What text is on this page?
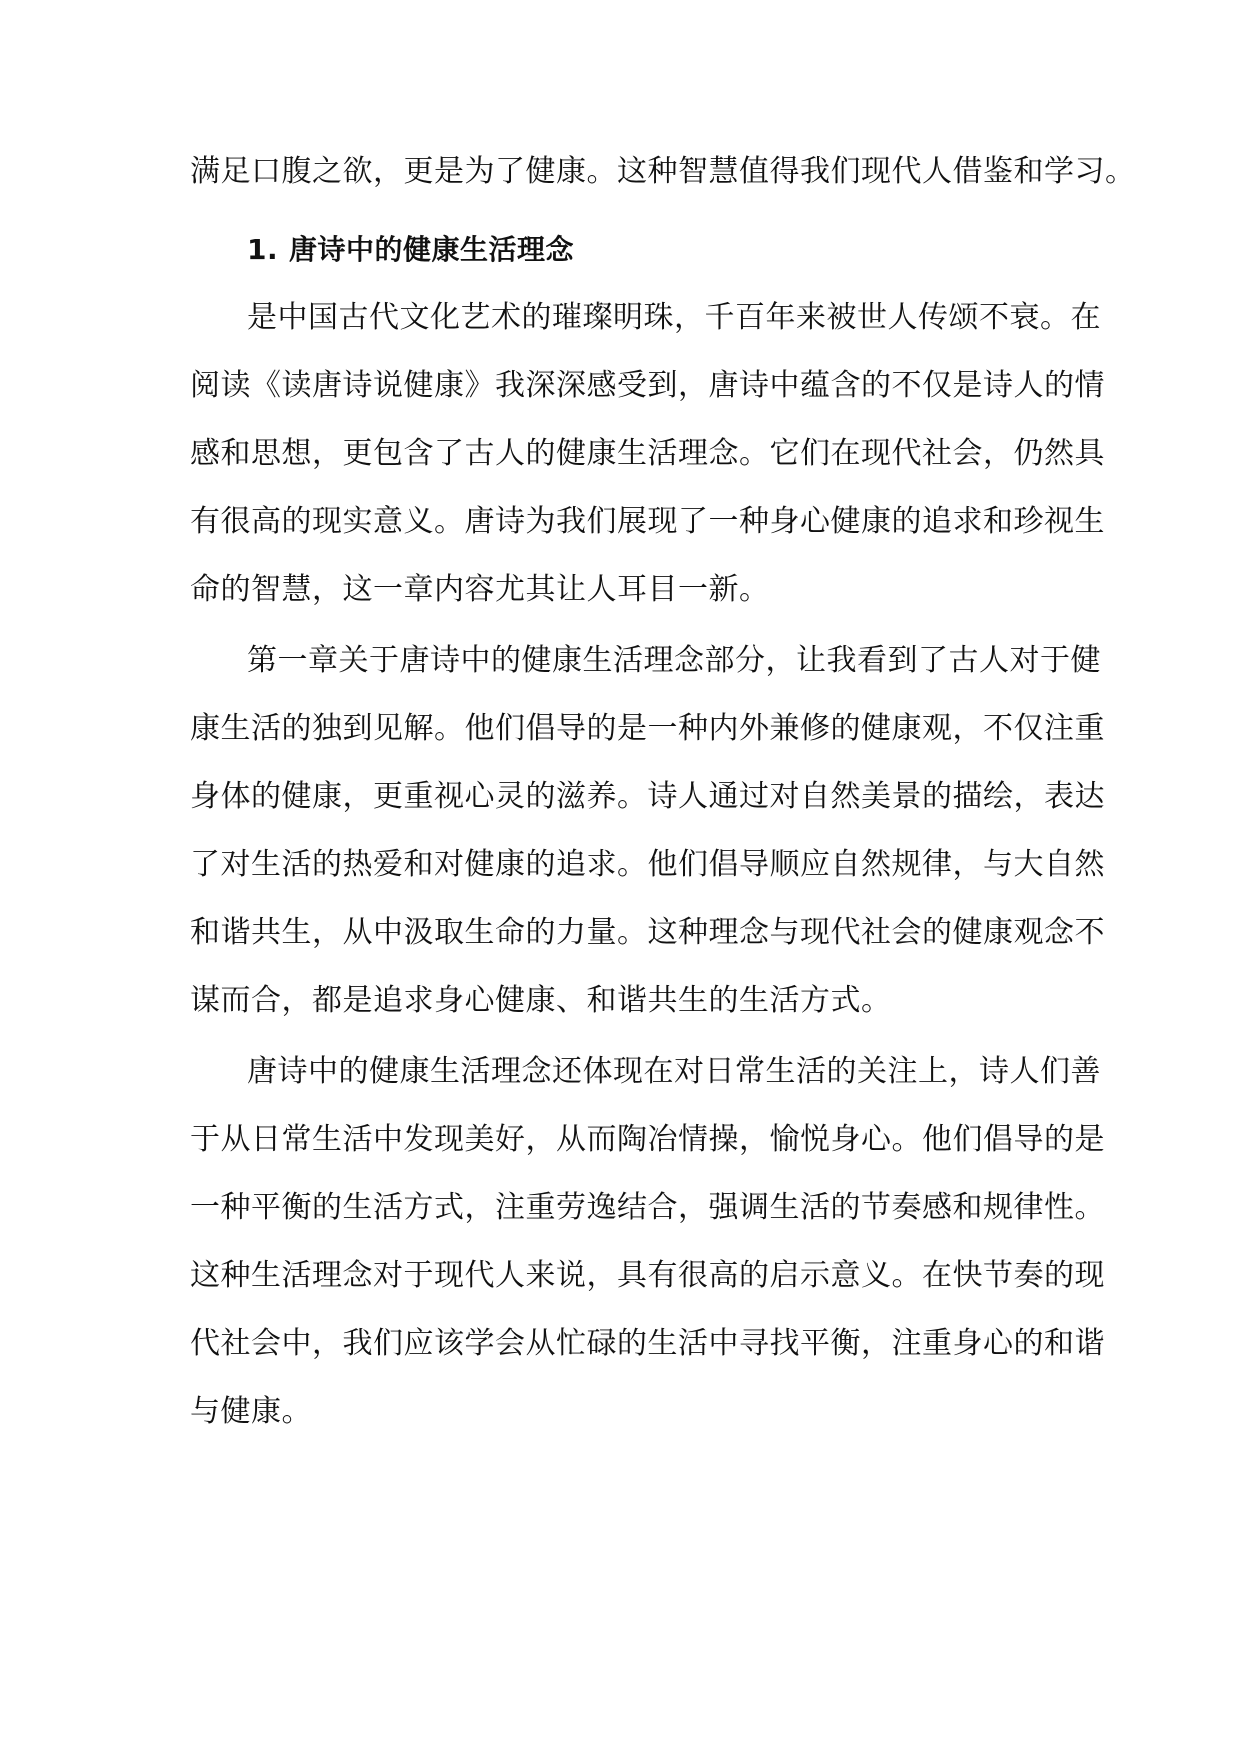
满足口腹之欲，更是为了健康。这种智慧值得我们现代人借鉴和学习。
1. 唐诗中的健康生活理念
是中国古代文化艺术的璀璨明珠，千百年来被世人传颂不衰。在
阅读《读唐诗说健康》我深深感受到，唐诗中蕴含的不仅是诗人的情
感和思想，更包含了古人的健康生活理念。它们在现代社会，仍然具
有很高的现实意义。唐诗为我们展现了一种身心健康的追求和珍视生
命的智慧，这一章内容尤其让人耳目一新。
第一章关于唐诗中的健康生活理念部分，让我看到了古人对于健
康生活的独到见解。他们倡导的是一种内外兼修的健康观，不仅注重
身体的健康，更重视心灵的滋养。诗人通过对自然美景的描绘，表达
了对生活的热爱和对健康的追求。他们倡导顺应自然规律，与大自然
和谐共生，从中汲取生命的力量。这种理念与现代社会的健康观念不
谋而合，都是追求身心健康、和谐共生的生活方式。
唐诗中的健康生活理念还体现在对日常生活的关注上，诗人们善
于从日常生活中发现美好，从而陶冶情操，愉悦身心。他们倡导的是
一种平衡的生活方式，注重劳逸结合，强调生活的节奏感和规律性。
这种生活理念对于现代人来说，具有很高的启示意义。在快节奏的现
代社会中，我们应该学会从忙碌的生活中寻找平衡，注重身心的和谐
与健康。
